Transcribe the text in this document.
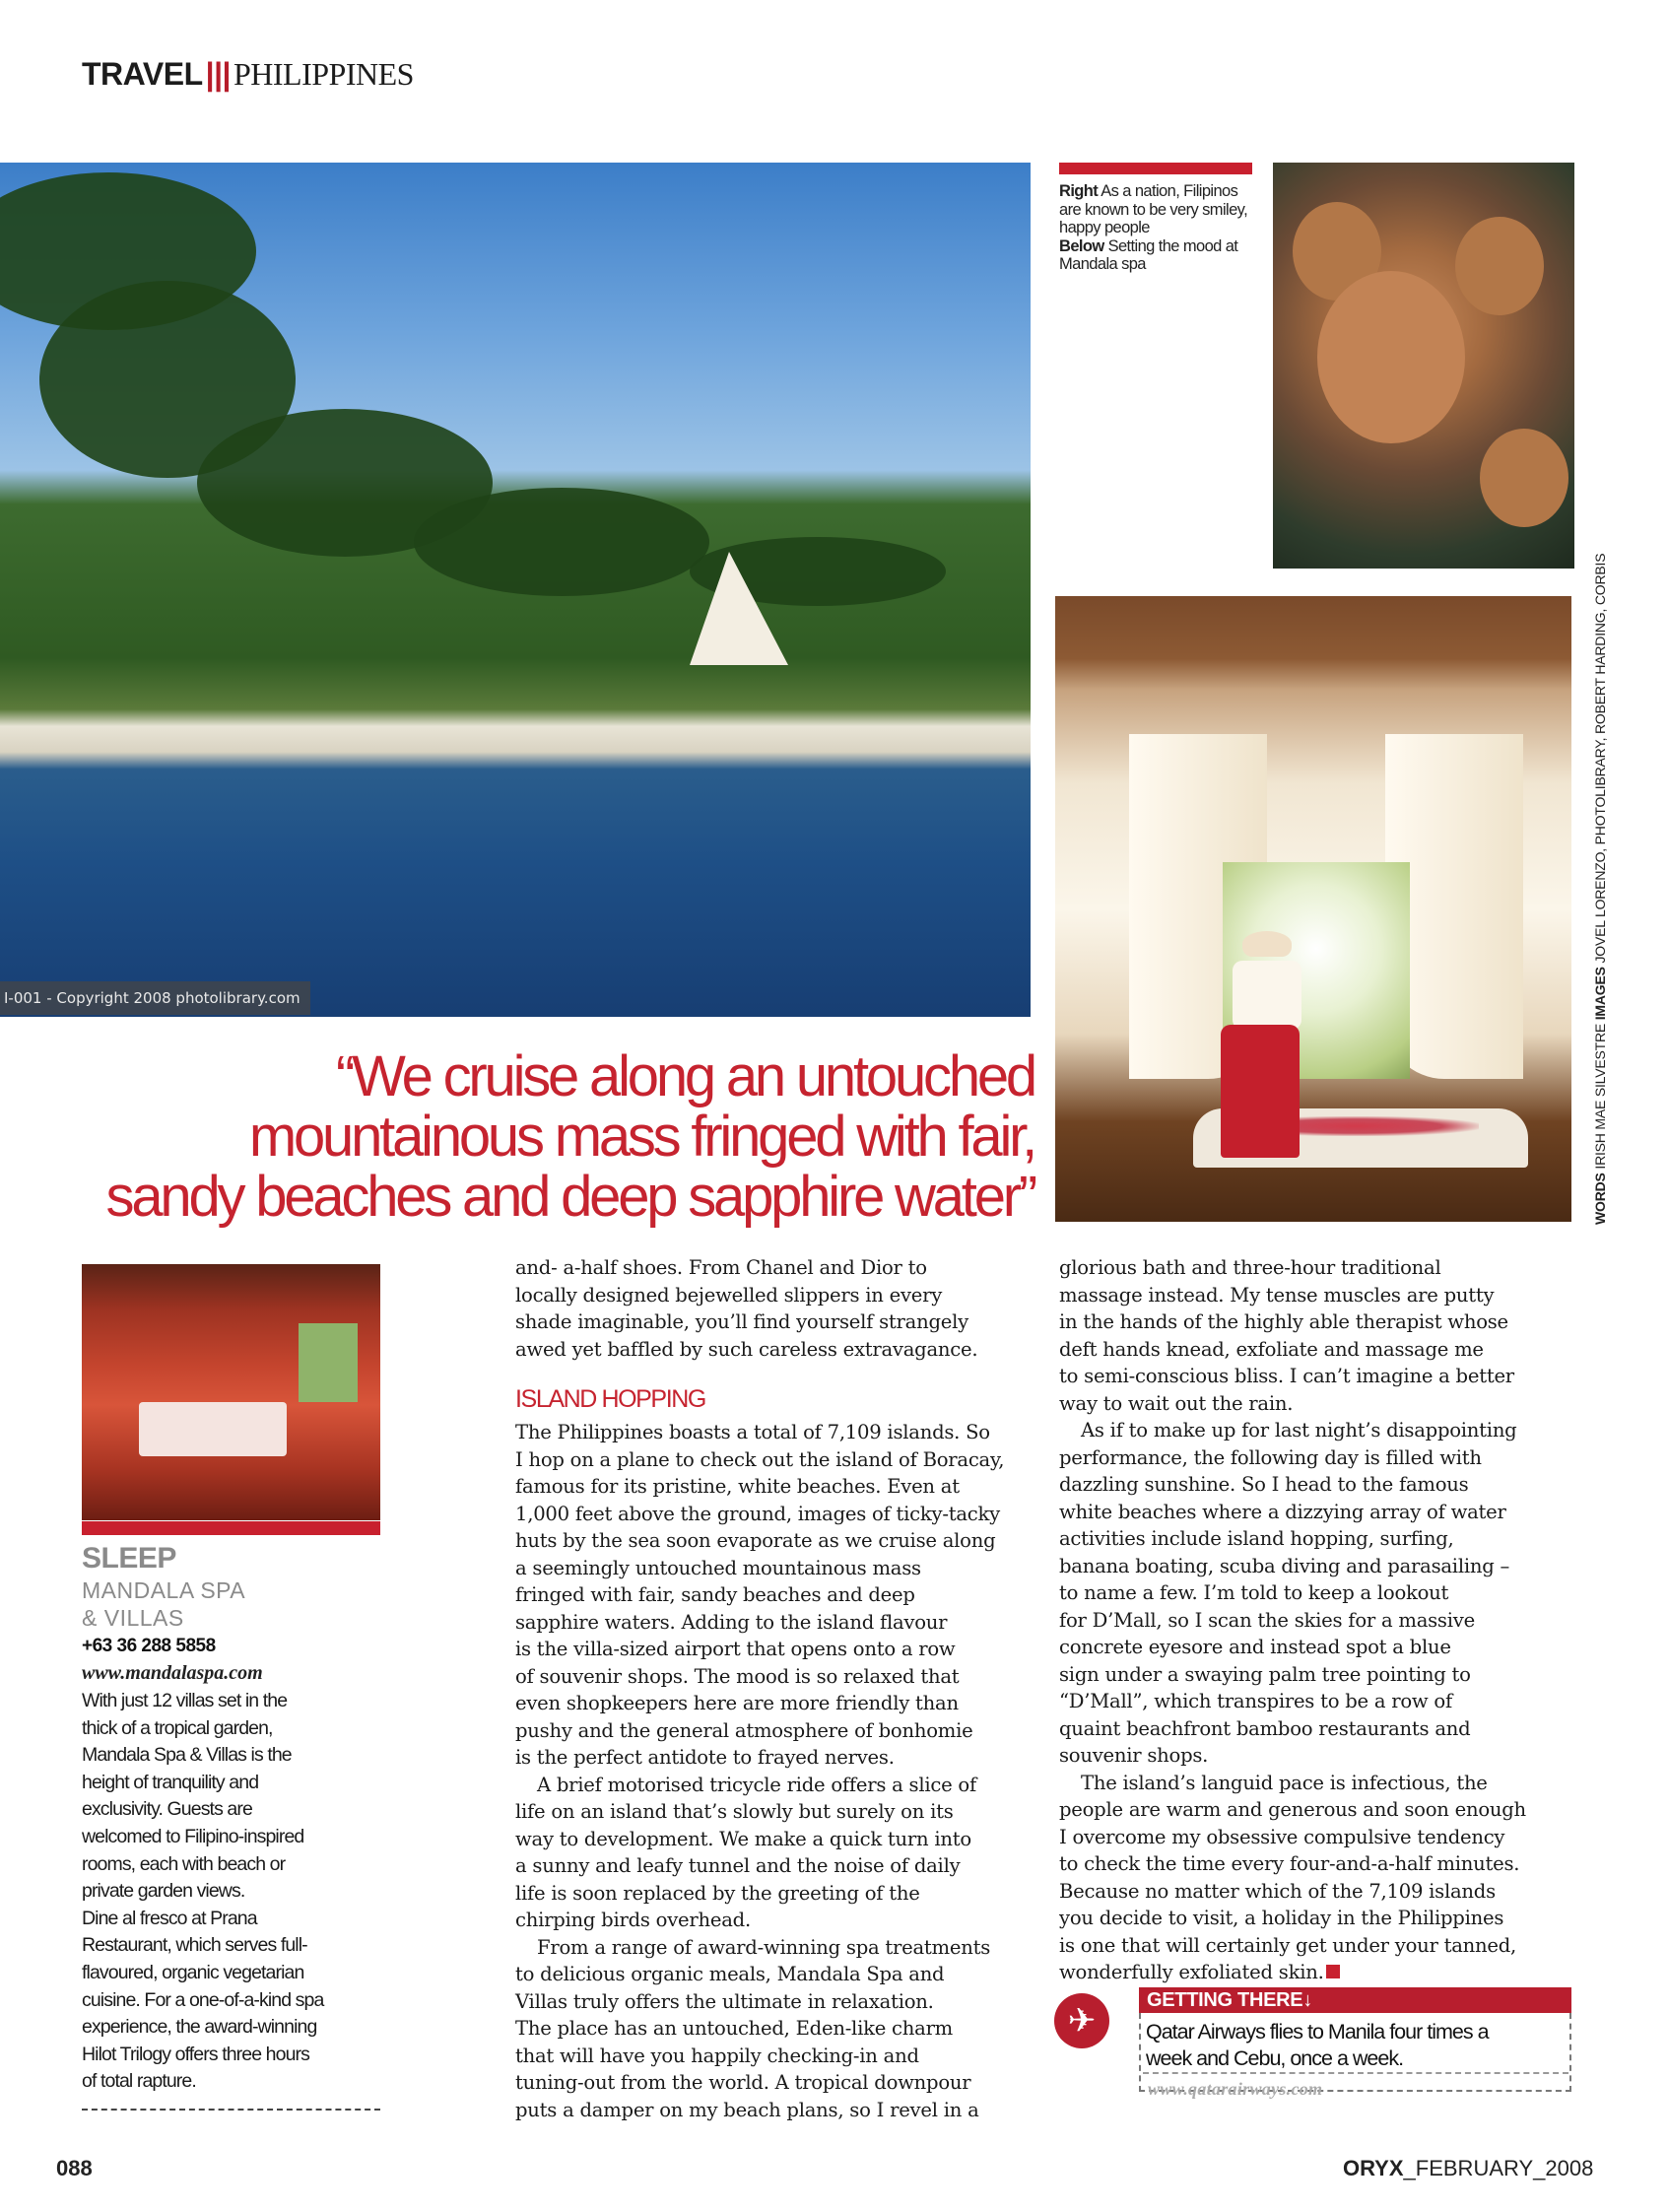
TRAVEL|||PHILIPPINES
I-001 - Copyright 2008 photolibrary.com
Right As a nation, Filipinos are known to be very smiley, happy people
Below Setting the mood at Mandala spa
WORDS IRISH MAE SILVESTRE IMAGES JOVEL LORENZO, PHOTOLIBRARY, ROBERT HARDING, CORBIS
“We cruise along an untouched
mountainous mass fringed with fair,
sandy beaches and deep sapphire water”
SLEEP
MANDALA SPA
& VILLAS
+63 36 288 5858
www.mandalaspa.com
With just 12 villas set in the
thick of a tropical garden,
Mandala Spa & Villas is the
height of tranquility and
exclusivity. Guests are
welcomed to Filipino-inspired
rooms, each with beach or
private garden views.
Dine al fresco at Prana
Restaurant, which serves full-
flavoured, organic vegetarian
cuisine. For a one-of-a-kind spa
experience, the award-winning
Hilot Trilogy offers three hours
of total rapture.

and- a-half shoes. From Chanel and Dior to

locally designed bejewelled slippers in every

shade imaginable, you’ll find yourself strangely

awed yet baffled by such careless extravagance.

ISLAND HOPPING

The Philippines boasts a total of 7,109 islands. So

I hop on a plane to check out the island of Boracay,

famous for its pristine, white beaches. Even at

1,000 feet above the ground, images of ticky-tacky

huts by the sea soon evaporate as we cruise along

a seemingly untouched mountainous mass

fringed with fair, sandy beaches and deep

sapphire waters. Adding to the island flavour

is the villa-sized airport that opens onto a row

of souvenir shops. The mood is so relaxed that

even shopkeepers here are more friendly than

pushy and the general atmosphere of bonhomie

is the perfect antidote to frayed nerves.

A brief motorised tricycle ride offers a slice of

life on an island that’s slowly but surely on its

way to development. We make a quick turn into

a sunny and leafy tunnel and the noise of daily

life is soon replaced by the greeting of the

chirping birds overhead.

From a range of award-winning spa treatments

to delicious organic meals, Mandala Spa and

Villas truly offers the ultimate in relaxation.

The place has an untouched, Eden-like charm

that will have you happily checking-in and

tuning-out from the world. A tropical downpour

puts a damper on my beach plans, so I revel in a

glorious bath and three-hour traditional

massage instead. My tense muscles are putty

in the hands of the highly able therapist whose

deft hands knead, exfoliate and massage me

to semi-conscious bliss. I can’t imagine a better

way to wait out the rain.

As if to make up for last night’s disappointing

performance, the following day is filled with

dazzling sunshine. So I head to the famous

white beaches where a dizzying array of water

activities include island hopping, surfing,

banana boating, scuba diving and parasailing –

to name a few. I’m told to keep a lookout

for D’Mall, so I scan the skies for a massive

concrete eyesore and instead spot a blue

sign under a swaying palm tree pointing to

“D’Mall”, which transpires to be a row of

quaint beachfront bamboo restaurants and

souvenir shops.

The island’s languid pace is infectious, the

people are warm and generous and soon enough

I overcome my obsessive compulsive tendency

to check the time every four-and-a-half minutes.

Because no matter which of the 7,109 islands

you decide to visit, a holiday in the Philippines

is one that will certainly get under your tanned,

wonderfully exfoliated skin.

✈
GETTING THERE↓
Qatar Airways flies to Manila four times a
week and Cebu, once a week.
www.qatarairways.com
088	ORYX_FEBRUARY_2008
